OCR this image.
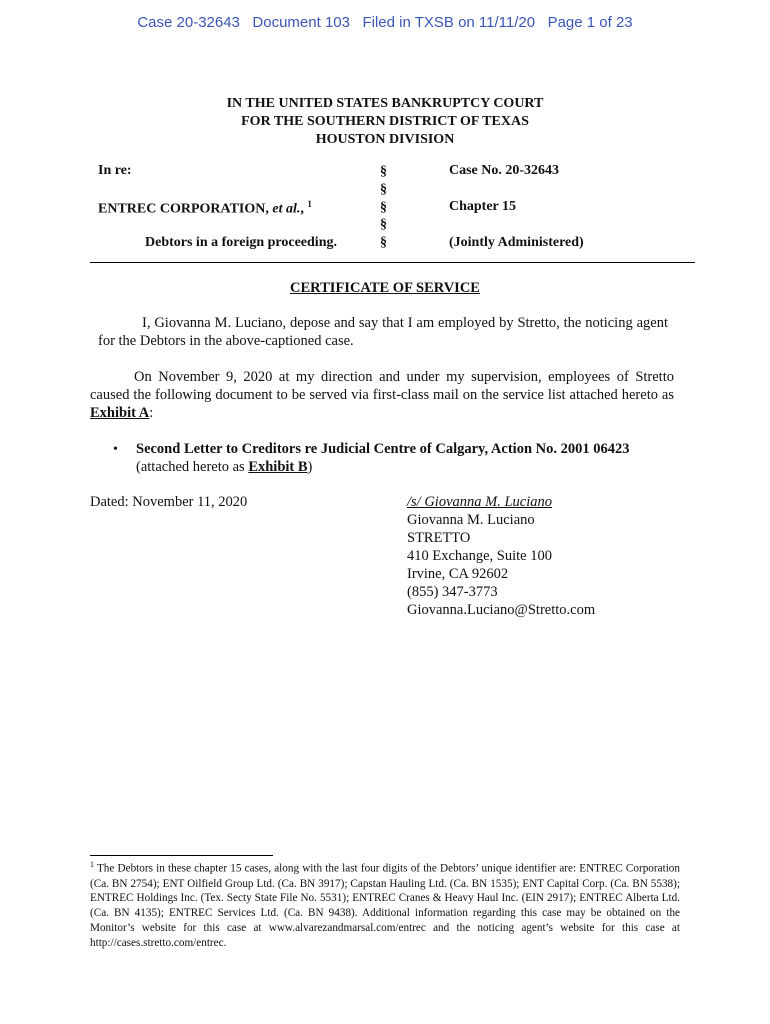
Case 20-32643   Document 103   Filed in TXSB on 11/11/20   Page 1 of 23
IN THE UNITED STATES BANKRUPTCY COURT
FOR THE SOUTHERN DISTRICT OF TEXAS
HOUSTON DIVISION
In re:
ENTREC CORPORATION, et al., $^1$
Debtors in a foreign proceeding.
§
§
§
§
§
Case No. 20-32643
Chapter 15
(Jointly Administered)
CERTIFICATE OF SERVICE
I, Giovanna M. Luciano, depose and say that I am employed by Stretto, the noticing agent for the Debtors in the above-captioned case.
On November 9, 2020 at my direction and under my supervision, employees of Stretto caused the following document to be served via first-class mail on the service list attached hereto as Exhibit A:
• Second Letter to Creditors re Judicial Centre of Calgary, Action No. 2001 06423
(attached hereto as Exhibit B)
Dated: November 11, 2020	/s/ Giovanna M. Luciano
Giovanna M. Luciano
STRETTO
410 Exchange, Suite 100
Irvine, CA 92602
(855) 347-3773
Giovanna.Luciano@Stretto.com
$^1$ The Debtors in these chapter 15 cases, along with the last four digits of the Debtors’ unique identifier are: ENTREC Corporation (Ca. BN 2754); ENT Oilfield Group Ltd. (Ca. BN 3917); Capstan Hauling Ltd. (Ca. BN 1535); ENT Capital Corp. (Ca. BN 5538); ENTREC Holdings Inc. (Tex. Secty State File No. 5531); ENTREC Cranes & Heavy Haul Inc. (EIN 2917); ENTREC Alberta Ltd. (Ca. BN 4135); ENTREC Services Ltd. (Ca. BN 9438). Additional information regarding this case may be obtained on the Monitor’s website for this case at www.alvarezandmarsal.com/entrec and the noticing agent’s website for this case at http://cases.stretto.com/entrec.
